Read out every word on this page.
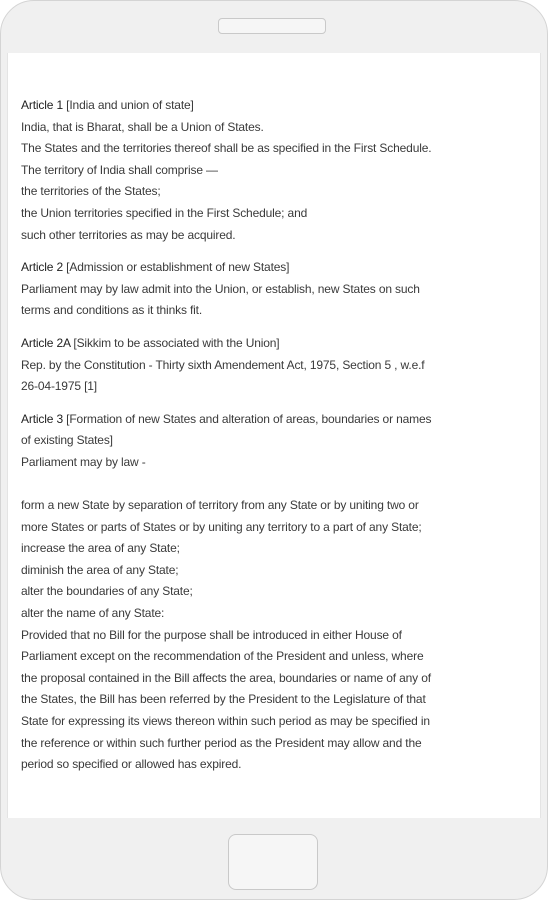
Article 1 [India and union of state]
India, that is Bharat, shall be a Union of States.
The States and the territories thereof shall be as specified in the First Schedule.
The territory of India shall comprise —
the territories of the States;
the Union territories specified in the First Schedule; and
such other territories as may be acquired.
Article 2 [Admission or establishment of new States]
Parliament may by law admit into the Union, or establish, new States on such
terms and conditions as it thinks fit.
Article 2A [Sikkim to be associated with the Union]
Rep. by the Constitution - Thirty sixth Amendement Act, 1975, Section 5 , w.e.f
26-04-1975 [1]
Article 3 [Formation of new States and alteration of areas, boundaries or names
of existing States]
Parliament may by law -
form a new State by separation of territory from any State or by uniting two or
more States or parts of States or by uniting any territory to a part of any State;
increase the area of any State;
diminish the area of any State;
alter the boundaries of any State;
alter the name of any State:
Provided that no Bill for the purpose shall be introduced in either House of
Parliament except on the recommendation of the President and unless, where
the proposal contained in the Bill affects the area, boundaries or name of any of
the States, the Bill has been referred by the President to the Legislature of that
State for expressing its views thereon within such period as may be specified in
the reference or within such further period as the President may allow and the
period so specified or allowed has expired.
